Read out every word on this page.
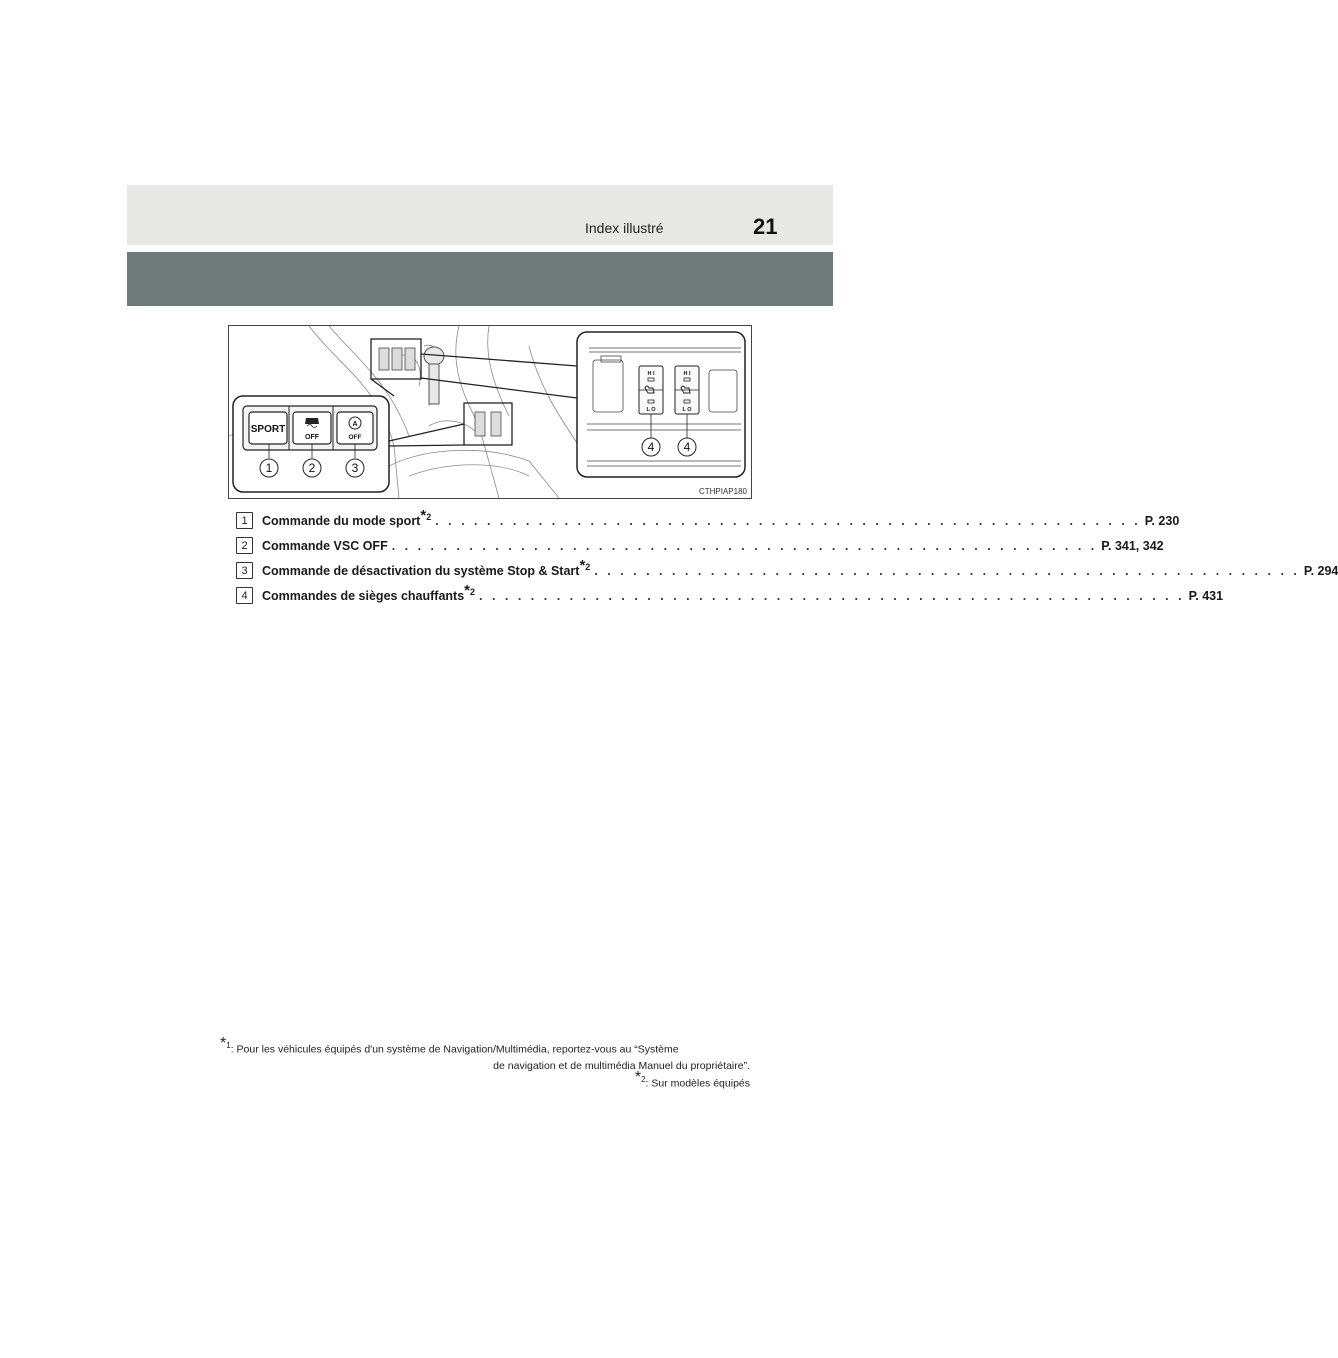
Index illustré	21
SPORT
OFF
A
OFF
1	2	3
H I	H I
L O	L O
4 4
CTHPIAP180
1	Commande du mode sport*$^2$ . . . . . . . . . . . . . . . . . . . . . . . . . . . . . . . . . . . . . . . . . . . . . . . . . . . . . . . P. 230
2	Commande VSC OFF . . . . . . . . . . . . . . . . . . . . . . . . . . . . . . . . . . . . . . . . . . . . . . . . . . . . . . . P. 341, 342
3	Commande de désactivation du système Stop & Start*$^2$ . . . . . . . . . . . . . . . . . . . . . . . . . . . . . . . . . . . . . . . . . . . . . . . . . . . . . . . P. 294
4	Commandes de sièges chauffants*$^2$ . . . . . . . . . . . . . . . . . . . . . . . . . . . . . . . . . . . . . . . . . . . . . . . . . . . . . . . P. 431
*$^1$: Pour les véhicules équipés d'un système de Navigation/Multimédia, reportez-vous au “Système
de navigation et de multimédia Manuel du propriétaire”.
*$^2$: Sur modèles équipés
